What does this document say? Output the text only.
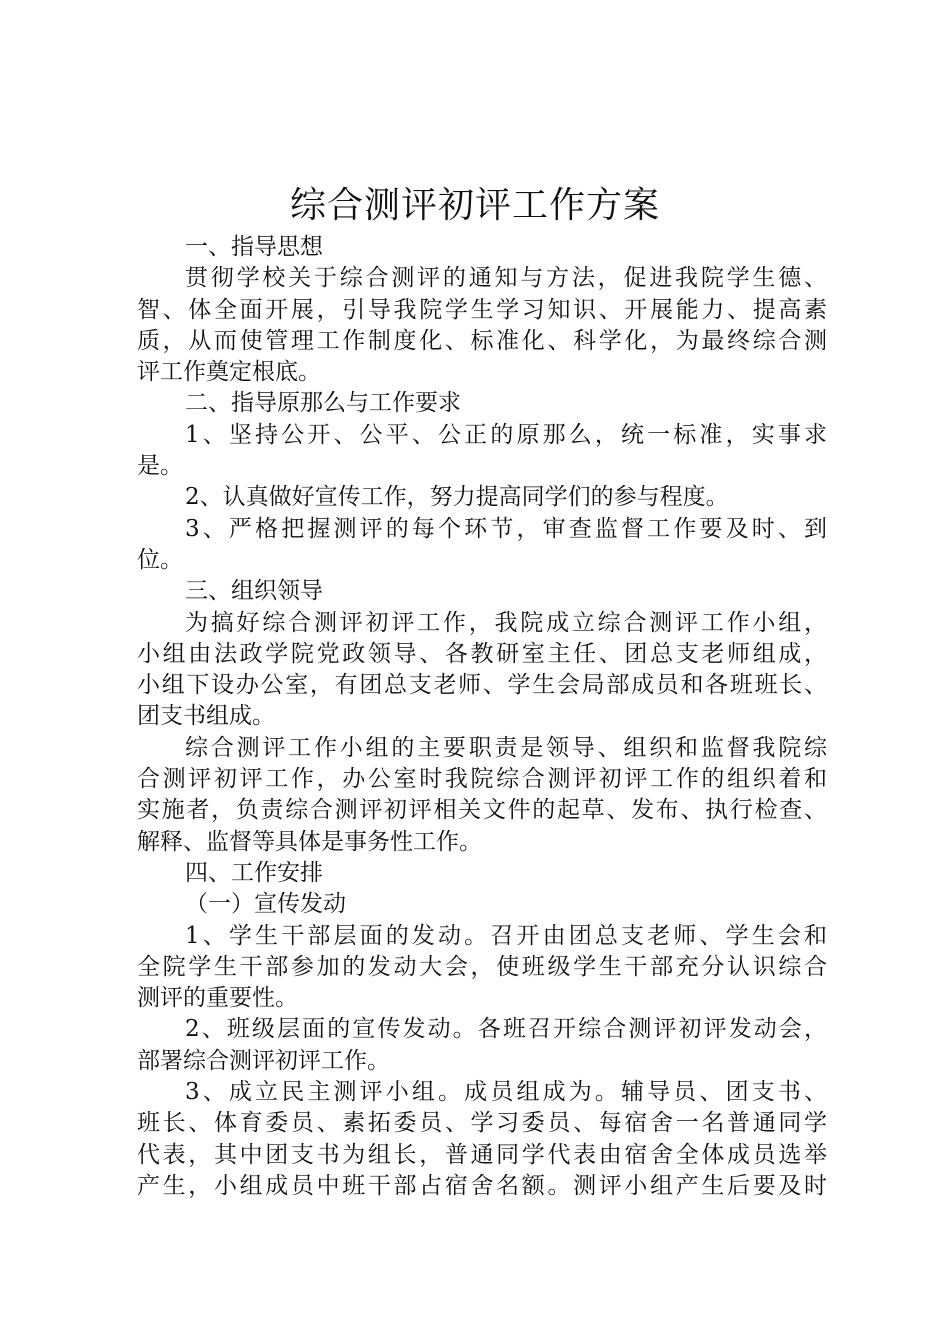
综合测评初评工作方案
一、指导思想
贯彻学校关于综合测评的通知与方法，促进我院学生德、
智、体全面开展，引导我院学生学习知识、开展能力、提高素
质，从而使管理工作制度化、标准化、科学化，为最终综合测
评工作奠定根底。
二、指导原那么与工作要求
1、坚持公开、公平、公正的原那么，统一标准，实事求
是。
2、认真做好宣传工作，努力提高同学们的参与程度。
3、严格把握测评的每个环节，审查监督工作要及时、到
位。
三、组织领导
为搞好综合测评初评工作，我院成立综合测评工作小组，
小组由法政学院党政领导、各教研室主任、团总支老师组成，
小组下设办公室，有团总支老师、学生会局部成员和各班班长、
团支书组成。
综合测评工作小组的主要职责是领导、组织和监督我院综
合测评初评工作，办公室时我院综合测评初评工作的组织着和
实施者，负责综合测评初评相关文件的起草、发布、执行检查、
解释、监督等具体是事务性工作。
四、工作安排
（一）宣传发动
1、学生干部层面的发动。召开由团总支老师、学生会和
全院学生干部参加的发动大会，使班级学生干部充分认识综合
测评的重要性。
2、班级层面的宣传发动。各班召开综合测评初评发动会，
部署综合测评初评工作。
3、成立民主测评小组。成员组成为。辅导员、团支书、
班长、体育委员、素拓委员、学习委员、每宿舍一名普通同学
代表，其中团支书为组长，普通同学代表由宿舍全体成员选举
产生，小组成员中班干部占宿舍名额。测评小组产生后要及时
